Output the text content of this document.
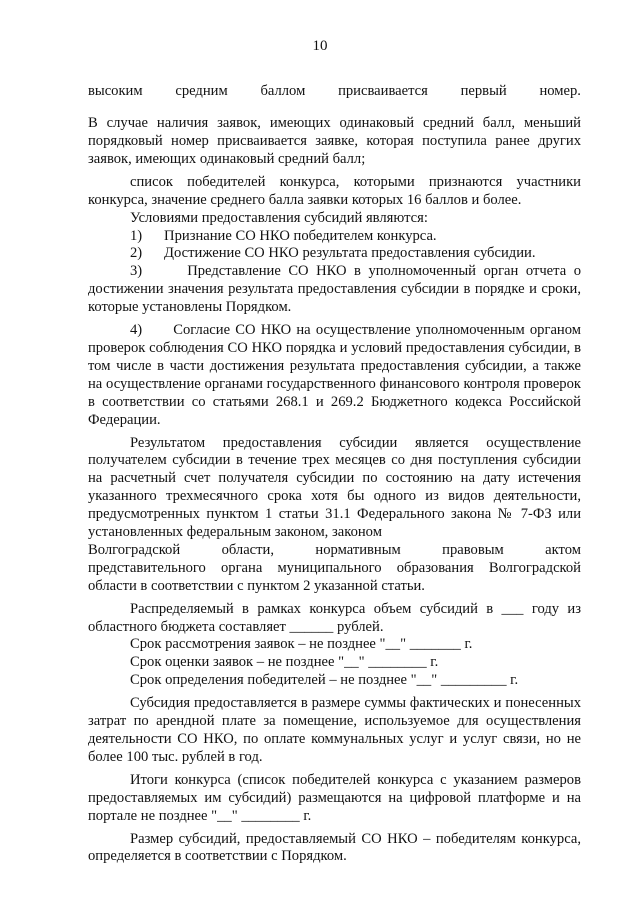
10

высоким средним баллом присваивается первый номер.

В случае наличия заявок, имеющих одинаковый средний балл, меньший порядковый номер присваивается заявке, которая поступила ранее других заявок, имеющих одинаковый средний балл;

список победителей конкурса, которыми признаются участники конкурса, значение среднего балла заявки которых 16 баллов и более.

Условиями предоставления субсидий являются:

1)      Признание СО НКО победителем конкурса.

2)      Достижение СО НКО результата предоставления субсидии.

3)      Представление СО НКО в уполномоченный орган отчета о достижении значения результата предоставления субсидии в порядке и сроки, которые установлены Порядком.

4)      Согласие СО НКО на осуществление уполномоченным органом проверок соблюдения СО НКО порядка и условий предоставления субсидии, в том числе в части достижения результата предоставления субсидии, а также на осуществление органами государственного финансового контроля проверок в соответствии со статьями 268.1 и 269.2 Бюджетного кодекса Российской Федерации.

Результатом предоставления субсидии является осуществление получателем субсидии в течение трех месяцев со дня поступления субсидии на расчетный счет получателя субсидии по состоянию на дату истечения указанного трехмесячного срока хотя бы одного из видов деятельности, предусмотренных пунктом 1 статьи 31.1 Федерального закона № 7-ФЗ или установленных федеральным законом, законом

Волгоградской области, нормативным правовым актом

представительного органа муниципального образования Волгоградской области в соответствии с пунктом 2 указанной статьи.

Распределяемый в рамках конкурса объем субсидий в ___ году из областного бюджета составляет ______ рублей.

Срок рассмотрения заявок – не позднее "__" _______ г.

Срок оценки заявок – не позднее "__" ________ г.

Срок определения победителей – не позднее "__" _________ г.

Субсидия предоставляется в размере суммы фактических и понесенных затрат по арендной плате за помещение, используемое для осуществления деятельности СО НКО, по оплате коммунальных услуг и услуг связи, но не более 100 тыс. рублей в год.

Итоги конкурса (список победителей конкурса с указанием размеров предоставляемых им субсидий) размещаются на цифровой платформе и на портале не позднее "__" ________ г.

Размер субсидий, предоставляемый СО НКО – победителям конкурса, определяется в соответствии с Порядком.
